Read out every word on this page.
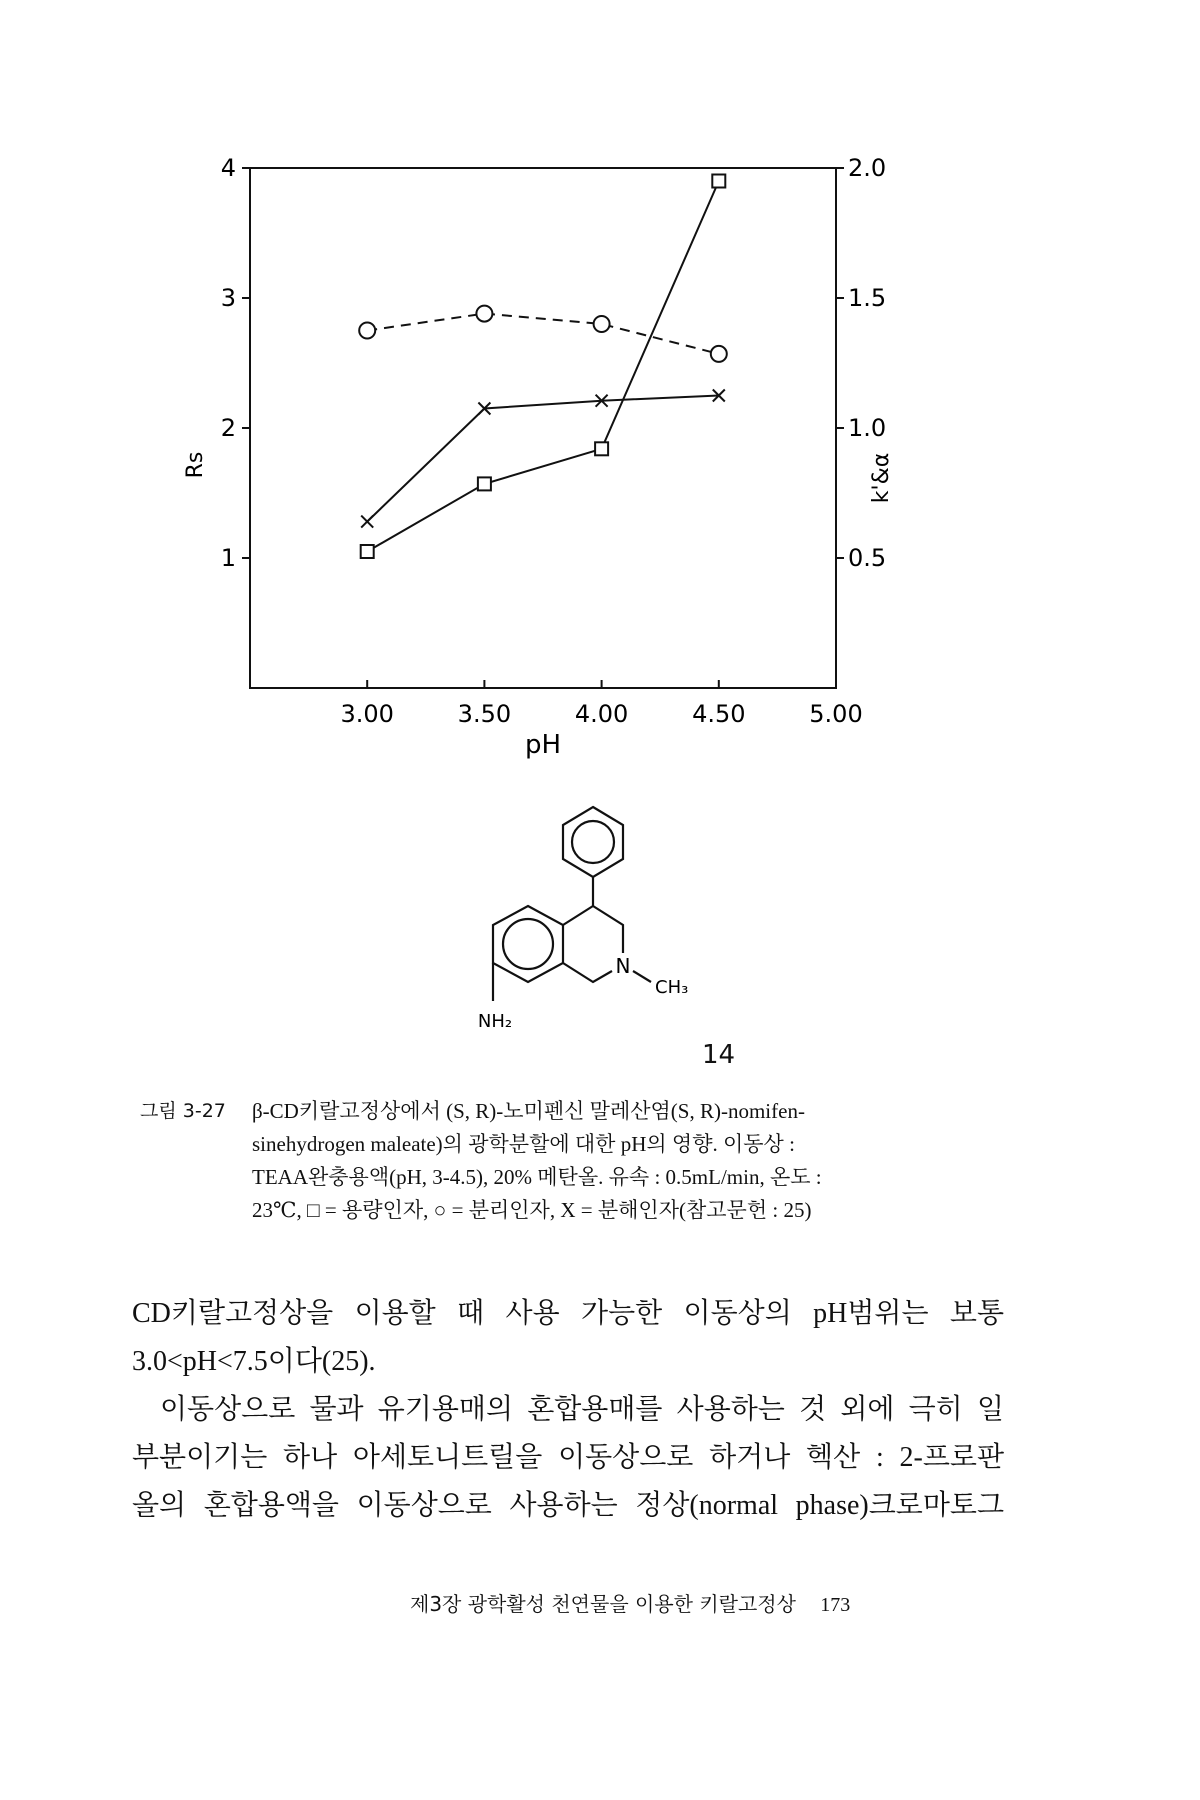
3.00	3.50	4.00	4.50	5.00
1
2
3
4
0.5
1.0
1.5
2.0
pH
Rs	k'&α
N
CH₃
NH₂
14
그림 3-27	β-CD키랄고정상에서 (S, R)-노미펜신 말레산염(S, R)-nomifen-
sinehydrogen maleate)의 광학분할에 대한 pH의 영향. 이동상 :
TEAA완충용액(pH, 3-4.5), 20% 메탄올. 유속 : 0.5mL/min, 온도 :
23℃, □ = 용량인자, ○ = 분리인자, X = 분해인자(참고문헌 : 25)
CD키랄고정상을 이용할 때 사용 가능한 이동상의 pH범위는 보통
3.0<pH<7.5이다(25).
이동상으로 물과 유기용매의 혼합용매를 사용하는 것 외에 극히 일
부분이기는 하나 아세토니트릴을 이동상으로 하거나 헥산 : 2-프로판
올의 혼합용액을 이동상으로 사용하는 정상(normal phase)크로마토그
제3장 광학활성 천연물을 이용한 키랄고정상 173
